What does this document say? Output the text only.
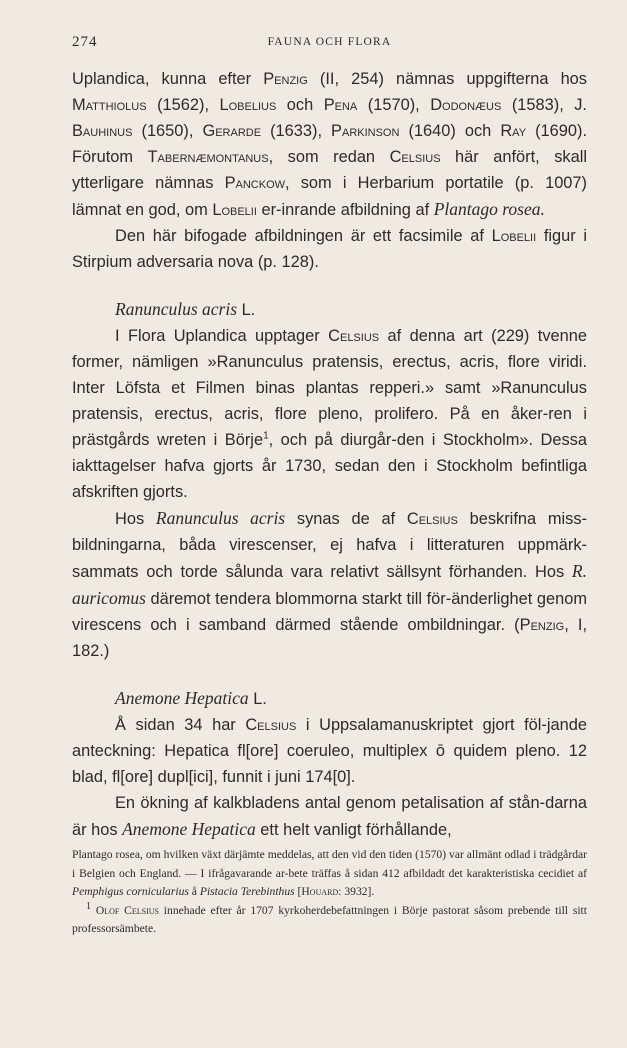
274	FAUNA OCH FLORA

Uplandica, kunna efter Penzig (II, 254) nämnas uppgifterna hos Matthiolus (1562), Lobelius och Pena (1570), Dodonæus (1583), J. Bauhinus (1650), Gerarde (1633), Parkinson (1640) och Ray (1690). Förutom Tabernæmontanus, som redan Celsius här anfört, skall ytterligare nämnas Panckow, som i Herbarium portatile (p. 1007) lämnat en god, om Lobelii er-inrande afbildning af Plantago rosea.

Den här bifogade afbildningen är ett facsimile af Lobelii figur i Stirpium adversaria nova (p. 128).

Ranunculus acris L.

I Flora Uplandica upptager Celsius af denna art (229) tvenne former, nämligen »Ranunculus pratensis, erectus, acris, flore viridi. Inter Löfsta et Filmen binas plantas repperi.» samt »Ranunculus pratensis, erectus, acris, flore pleno, prolifero. På en åker-ren i prästgårds wreten i Börje$^1$, och på diurgår-den i Stockholm». Dessa iakttagelser hafva gjorts år 1730, sedan den i Stockholm befintliga afskriften gjorts.

Hos Ranunculus acris synas de af Celsius beskrifna miss-bildningarna, båda virescenser, ej hafva i litteraturen uppmärk-sammats och torde sålunda vara relativt sällsynt förhanden. Hos R. auricomus däremot tendera blommorna starkt till för-änderlighet genom virescens och i samband därmed stående ombildningar. (Penzig, I, 182.)

Anemone Hepatica L.

Å sidan 34 har Celsius i Uppsalamanuskriptet gjort föl-jande anteckning: Hepatica fl[ore] coeruleo, multiplex ō quidem pleno. 12 blad, fl[ore] dupl[ici], funnit i juni 174[0].

En ökning af kalkbladens antal genom petalisation af stån-darna är hos Anemone Hepatica ett helt vanligt förhållande,

Plantago rosea, om hvilken växt därjämte meddelas, att den vid den tiden (1570) var allmänt odlad i trädgårdar i Belgien och England. — I ifrågavarande ar-bete träffas å sidan 412 afbildadt det karakteristiska cecidiet af Pemphigus cornicularius å Pistacia Terebinthus [Houard: 3932].

$^1$ Olof Celsius innehade efter år 1707 kyrkoherdebefattningen i Börje pastorat såsom prebende till sitt professorsämbete.
